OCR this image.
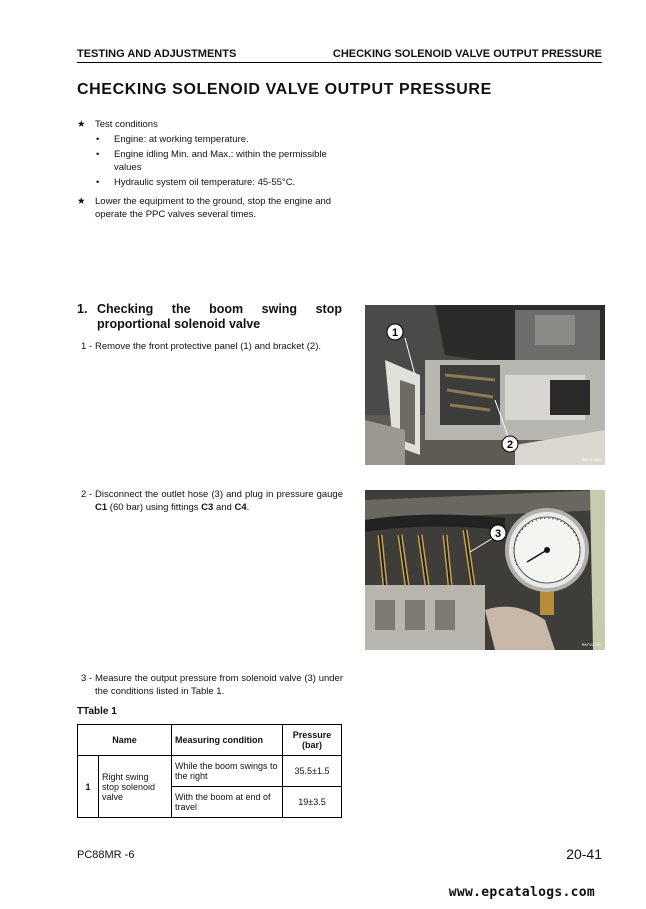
TESTING AND ADJUSTMENTS	CHECKING SOLENOID VALVE OUTPUT PRESSURE
CHECKING SOLENOID VALVE OUTPUT PRESSURE
★ Test conditions
• Engine: at working temperature.
• Engine idling Min. and Max.: within the permissible values
• Hydraulic system oil temperature: 45-55°C.
★ Lower the equipment to the ground, stop the engine and operate the PPC valves several times.
1. Checking the boom swing stop
proportional solenoid valve
1 - Remove the front protective panel (1) and bracket (2).
2 - Disconnect the outlet hose (3) and plug in pressure gauge C1 (60 bar) using fittings C3 and C4.
3 - Measure the output pressure from solenoid valve (3) under the conditions listed in Table 1.
1
2
RKP22881
3
RKP22780
TTable 1
Name		Measuring condition	Pressure (bar)
1	Right swing stop solenoid valve	While the boom swings to the right	35.5±1.5
		With the boom at end of travel	19±3.5
PC88MR -6	20-41
www.epcatalogs.com
